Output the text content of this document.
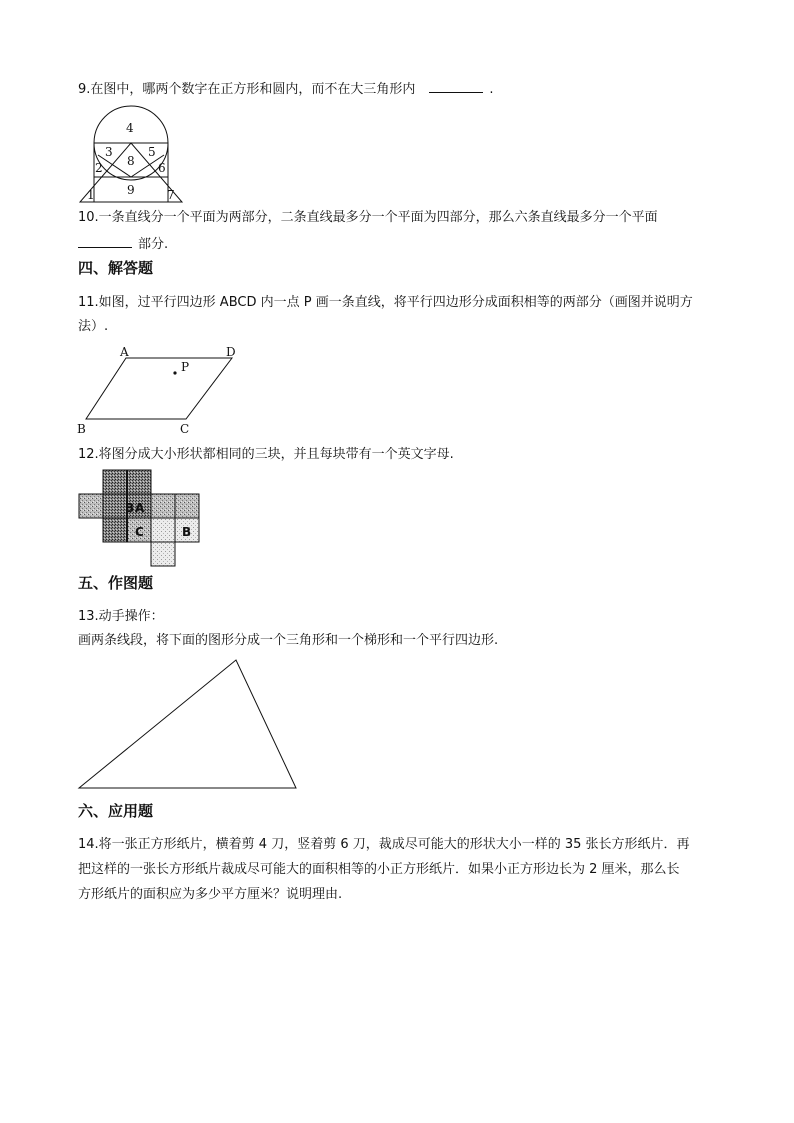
9.在图中，哪两个数字在正方形和圆内，而不在大三角形内	.
4
3	5
2 8 6
9
1	7
10.一条直线分一个平面为两部分，二条直线最多分一个平面为四部分，那么六条直线最多分一个平面
部分.
四、解答题
11.如图，过平行四边形 ABCD 内一点 P 画一条直线，将平行四边形分成面积相等的两部分（画图并说明方
法）.
A	D
P
B	C
12.将图分成大小形状都相同的三块，并且每块带有一个英文字母.
A
B
C	B
五、作图题
13.动手操作：
画两条线段，将下面的图形分成一个三角形和一个梯形和一个平行四边形.
六、应用题
14.将一张正方形纸片，横着剪 4 刀，竖着剪 6 刀，裁成尽可能大的形状大小一样的 35 张长方形纸片．再
把这样的一张长方形纸片裁成尽可能大的面积相等的小正方形纸片．如果小正方形边长为 2 厘米，那么长
方形纸片的面积应为多少平方厘米？说明理由.
